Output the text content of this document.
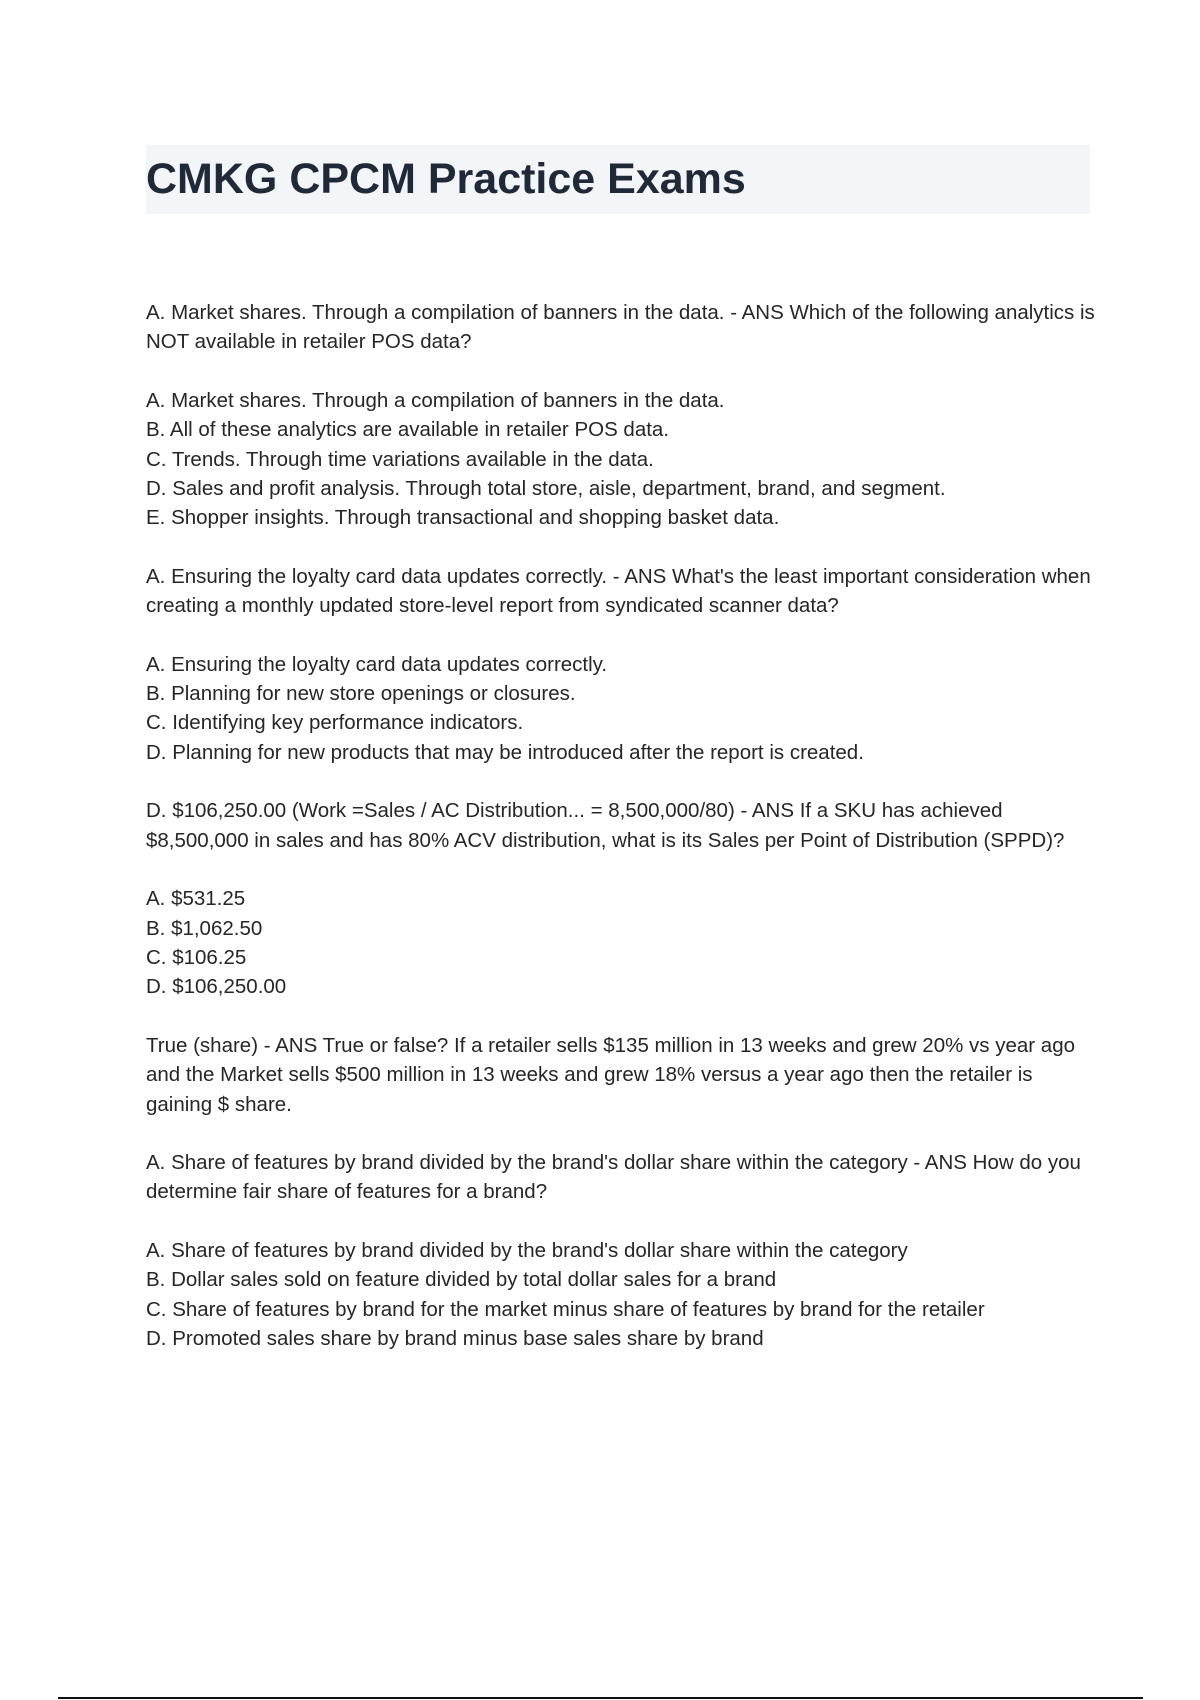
CMKG CPCM Practice Exams

A. Market shares. Through a compilation of banners in the data. - ANS Which of the following analytics is NOT available in retailer POS data?

A. Market shares. Through a compilation of banners in the data.
B. All of these analytics are available in retailer POS data.
C. Trends. Through time variations available in the data.
D. Sales and profit analysis. Through total store, aisle, department, brand, and segment.
E. Shopper insights. Through transactional and shopping basket data.

A. Ensuring the loyalty card data updates correctly. - ANS What's the least important consideration when creating a monthly updated store-level report from syndicated scanner data?

A. Ensuring the loyalty card data updates correctly.
B. Planning for new store openings or closures.
C. Identifying key performance indicators.
D. Planning for new products that may be introduced after the report is created.

D. $106,250.00 (Work =Sales / AC Distribution... = 8,500,000/80) - ANS If a SKU has achieved $8,500,000 in sales and has 80% ACV distribution, what is its Sales per Point of Distribution (SPPD)?

A. $531.25
B. $1,062.50
C. $106.25
D. $106,250.00

True (share) - ANS True or false? If a retailer sells $135 million in 13 weeks and grew 20% vs year ago and the Market sells $500 million in 13 weeks and grew 18% versus a year ago then the retailer is gaining $ share.

A. Share of features by brand divided by the brand's dollar share within the category - ANS How do you determine fair share of features for a brand?

A. Share of features by brand divided by the brand's dollar share within the category
B. Dollar sales sold on feature divided by total dollar sales for a brand
C. Share of features by brand for the market minus share of features by brand for the retailer
D. Promoted sales share by brand minus base sales share by brand
